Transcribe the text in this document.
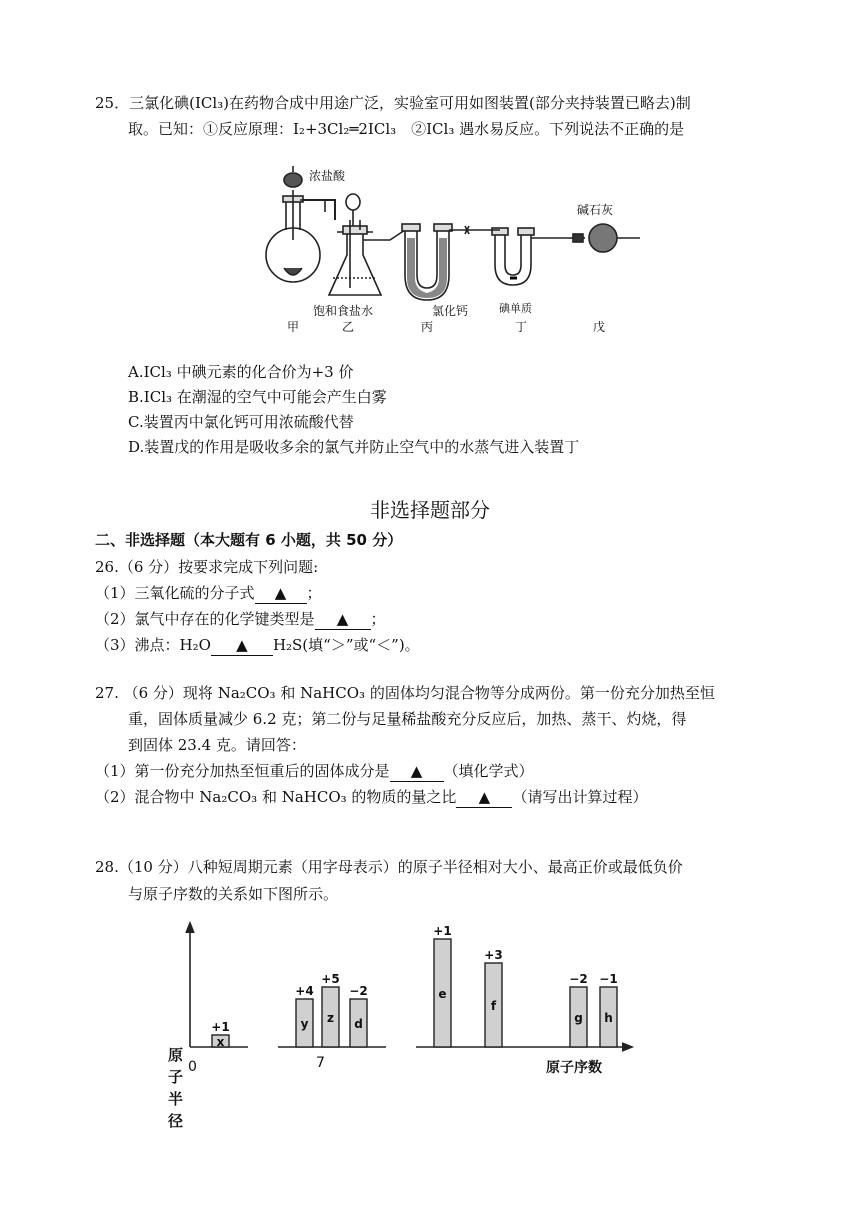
25．三氯化碘(ICl₃)在药物合成中用途广泛，实验室可用如图装置(部分夹持装置已略去)制
取。已知：①反应原理：I₂+3Cl₂═2ICl₃　②ICl₃ 遇水易反应。下列说法不正确的是
浓盐酸
碱石灰
饱和食盐水	氯化钙	碘单质
甲	乙	丙	丁	戊
A.ICl₃ 中碘元素的化合价为+3 价
B.ICl₃ 在潮湿的空气中可能会产生白雾
C.装置丙中氯化钙可用浓硫酸代替
D.装置戊的作用是吸收多余的氯气并防止空气中的水蒸气进入装置丁
非选择题部分
二、非选择题（本大题有 6 小题，共 50 分）
26.（6 分）按要求完成下列问题:
（1）三氧化硫的分子式 ▲ ；
（2）氯气中存在的化学键类型是 ▲ ；
（3）沸点：H₂O ▲ H₂S(填“＞”或“＜”)。
27. （6 分）现将 Na₂CO₃ 和 NaHCO₃ 的固体均匀混合物等分成两份。第一份充分加热至恒
重，固体质量减少 6.2 克；第二份与足量稀盐酸充分反应后，加热、蒸干、灼烧，得
到固体 23.4 克。请回答：
（1）第一份充分加热至恒重后的固体成分是 ▲ （填化学式）
（2）混合物中 Na₂CO₃ 和 NaHCO₃ 的物质的量之比 ▲ （请写出计算过程）
28.（10 分）八种短周期元素（用字母表示）的原子半径相对大小、最高正价或最低负价
与原子序数的关系如下图所示。
x
y z d
e
f
g h
+1
+4
+5
−2
+1
+3
−2 −1
0	7	原子序数
原
子
半
径
